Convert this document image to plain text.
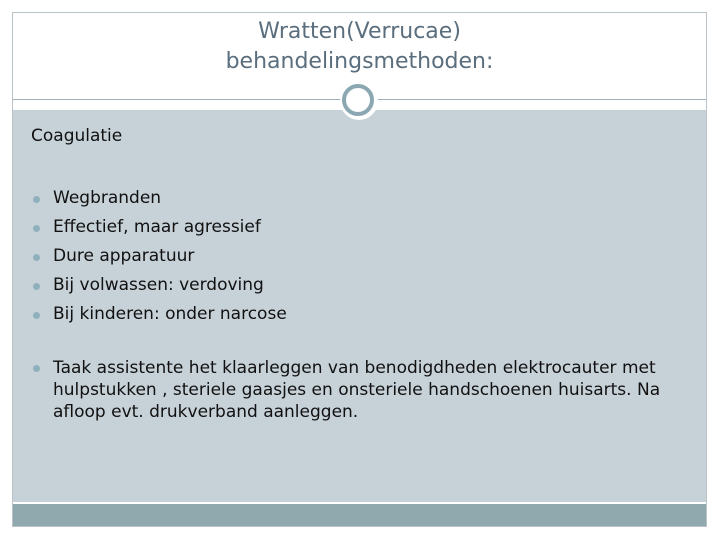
Wratten(Verrucae)
behandelingsmethoden:
Coagulatie
Wegbranden
Effectief, maar agressief
Dure apparatuur
Bij volwassen: verdoving
Bij kinderen: onder narcose
Taak assistente het klaarleggen van benodigdheden elektrocauter met hulpstukken , steriele gaasjes en onsteriele handschoenen huisarts. Na afloop evt. drukverband aanleggen.
